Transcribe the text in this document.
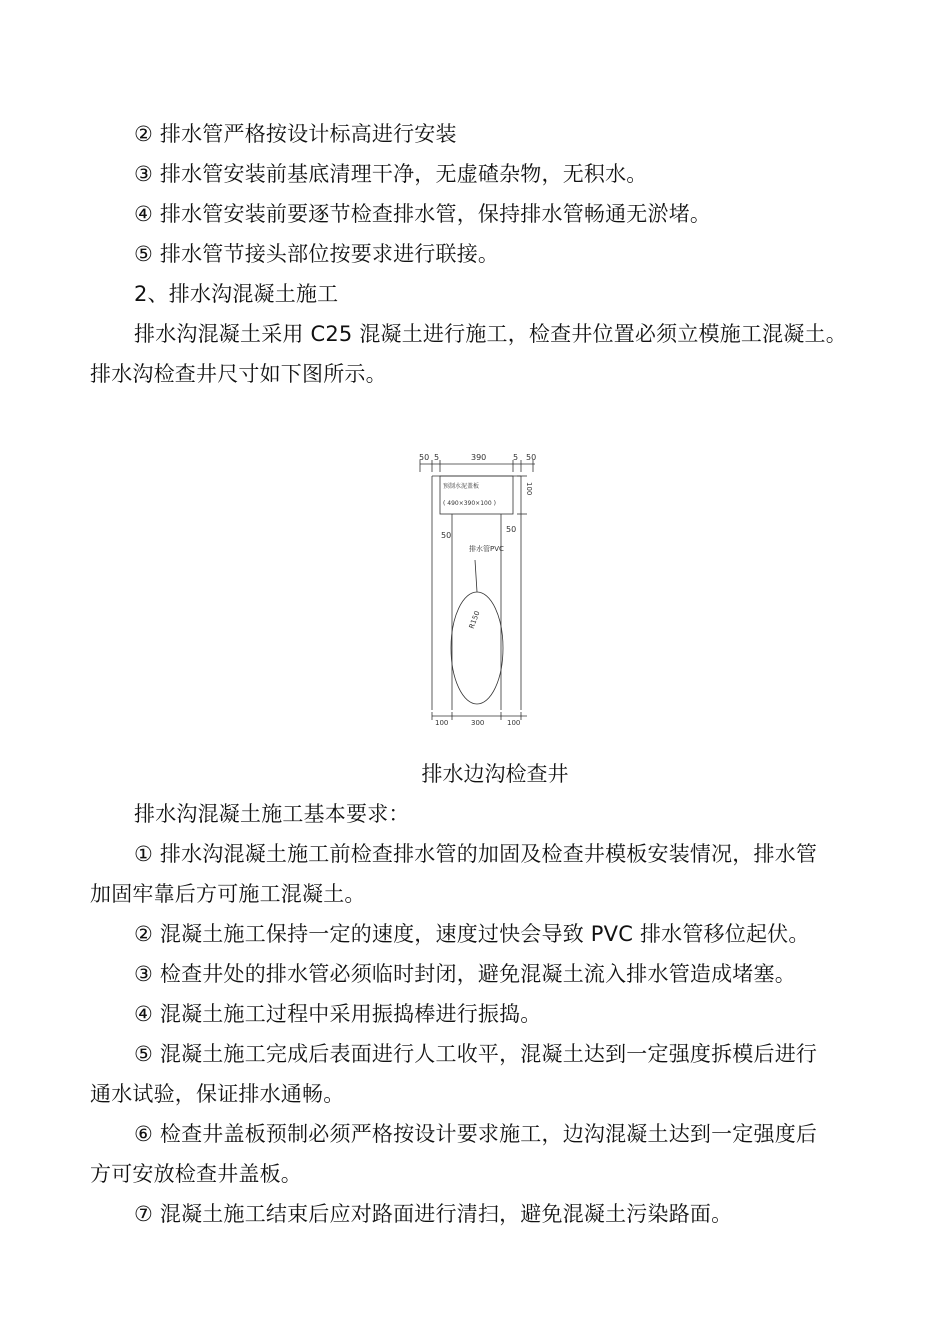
② 排水管严格按设计标高进行安装
③ 排水管安装前基底清理干净，无虚碴杂物，无积水。
④ 排水管安装前要逐节检查排水管，保持排水管畅通无淤堵。
⑤ 排水管节接头部位按要求进行联接。
2、排水沟混凝土施工
排水沟混凝土采用 C25 混凝土进行施工，检查井位置必须立模施工混凝土。
排水沟检查井尺寸如下图所示。
50 5	390	5 50
预制水泥盖板
( 490×390×100 )
100
50
50
排水管PVC
R150
100	300	100
排水边沟检查井
排水沟混凝土施工基本要求：
① 排水沟混凝土施工前检查排水管的加固及检查井模板安装情况，排水管
加固牢靠后方可施工混凝土。
② 混凝土施工保持一定的速度，速度过快会导致 PVC 排水管移位起伏。
③ 检查井处的排水管必须临时封闭，避免混凝土流入排水管造成堵塞。
④ 混凝土施工过程中采用振捣棒进行振捣。
⑤ 混凝土施工完成后表面进行人工收平，混凝土达到一定强度拆模后进行
通水试验，保证排水通畅。
⑥ 检查井盖板预制必须严格按设计要求施工，边沟混凝土达到一定强度后
方可安放检查井盖板。
⑦ 混凝土施工结束后应对路面进行清扫，避免混凝土污染路面。
